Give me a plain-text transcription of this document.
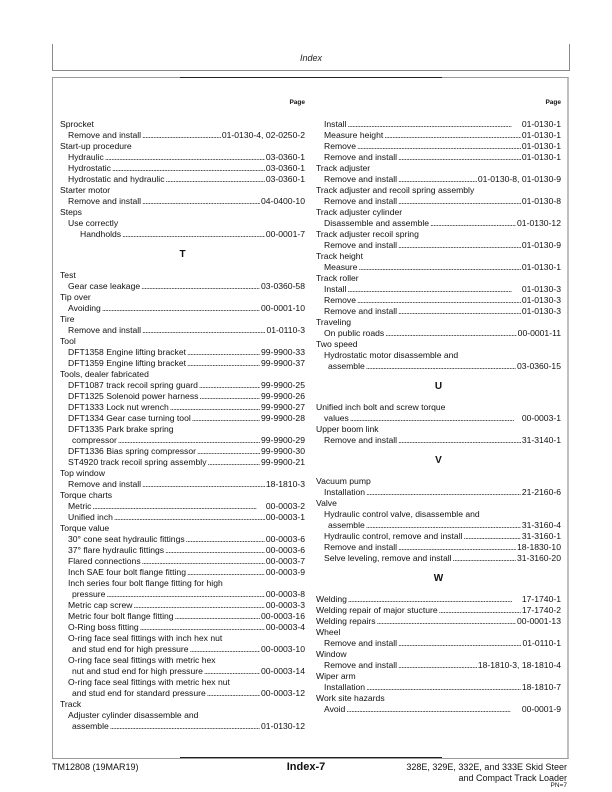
Index
Page
Sprocket
Remove and install . . .	01-0130-4, 02-0250-2
Start-up procedure
Hydraulic . . .	03-0360-1
Hydrostatic . . .	03-0360-1
Hydrostatic and hydraulic . . .	03-0360-1
Starter motor
Remove and install . . .	04-0400-10
Steps
Use correctly
Handholds . . .	00-0001-7
T
Test
Gear case leakage . . .	03-0360-58
Tip over
Avoiding . . .	00-0001-10
Tire
Remove and install . . .	01-0110-3
Tool
DFT1358 Engine lifting bracket . . .	99-9900-33
DFT1359 Engine lifting bracket . . .	99-9900-37
Tools, dealer fabricated
DFT1087 track recoil spring guard . . .	99-9900-25
DFT1325 Solenoid power harness . . .	99-9900-26
DFT1333 Lock nut wrench . . .	99-9900-27
DFT1334 Gear case turning tool . . .	99-9900-28
DFT1335 Park brake spring
compressor . . .	99-9900-29
DFT1336 Bias spring compressor . . .	99-9900-30
ST4920 track recoil spring assembly . . .	99-9900-21
Top window
Remove and install . . .	18-1810-3
Torque charts
Metric . . .	00-0003-2
Unified inch . . .	00-0003-1
Torque value
30° cone seat hydraulic fittings . . .	00-0003-6
37° flare hydraulic fittings . . .	00-0003-6
Flared connections . . .	00-0003-7
Inch SAE four bolt flange fitting . . .	00-0003-9
Inch series four bolt flange fitting for high
pressure . . .	00-0003-8
Metric cap screw . . .	00-0003-3
Metric four bolt flange fitting . . .	00-0003-16
O-Ring boss fitting . . .	00-0003-4
O-ring face seal fittings with inch hex nut
and stud end for high pressure . . .	00-0003-10
O-ring face seal fittings with metric hex
nut and stud end for high pressure . . .	00-0003-14
O-ring face seal fittings with metric hex nut
and stud end for standard pressure . . .	00-0003-12
Track
Adjuster cylinder disassemble and
assemble . . .	01-0130-12
Page
Install . . .	01-0130-1
Measure height . . .	01-0130-1
Remove . . .	01-0130-1
Remove and install . . .	01-0130-1
Track adjuster
Remove and install . . .	01-0130-8, 01-0130-9
Track adjuster and recoil spring assembly
Remove and install . . .	01-0130-8
Track adjuster cylinder
Disassemble and assemble . . .	01-0130-12
Track adjuster recoil spring
Remove and install . . .	01-0130-9
Track height
Measure . . .	01-0130-1
Track roller
Install . . .	01-0130-3
Remove . . .	01-0130-3
Remove and install . . .	01-0130-3
Traveling
On public roads . . .	00-0001-11
Two speed
Hydrostatic motor disassemble and
assemble . . .	03-0360-15
U
Unified inch bolt and screw torque
values . . .	00-0003-1
Upper boom link
Remove and install . . .	31-3140-1
V
Vacuum pump
Installation . . .	21-2160-6
Valve
Hydraulic control valve, disassemble and
assemble . . .	31-3160-4
Hydraulic control, remove and install . . .	31-3160-1
Remove and install . . .	18-1830-10
Selve leveling, remove and install . . .	31-3160-20
W
Welding . . .	17-1740-1
Welding repair of major stucture . . .	17-1740-2
Welding repairs . . .	00-0001-13
Wheel
Remove and install . . .	01-0110-1
Window
Remove and install . . .	18-1810-3, 18-1810-4
Wiper arm
Installation . . .	18-1810-7
Work site hazards
Avoid . . .	00-0001-9
TM12808 (19MAR19)	Index-7	328E, 329E, 332E, and 333E Skid Steer
and Compact Track Loader
PN=7
